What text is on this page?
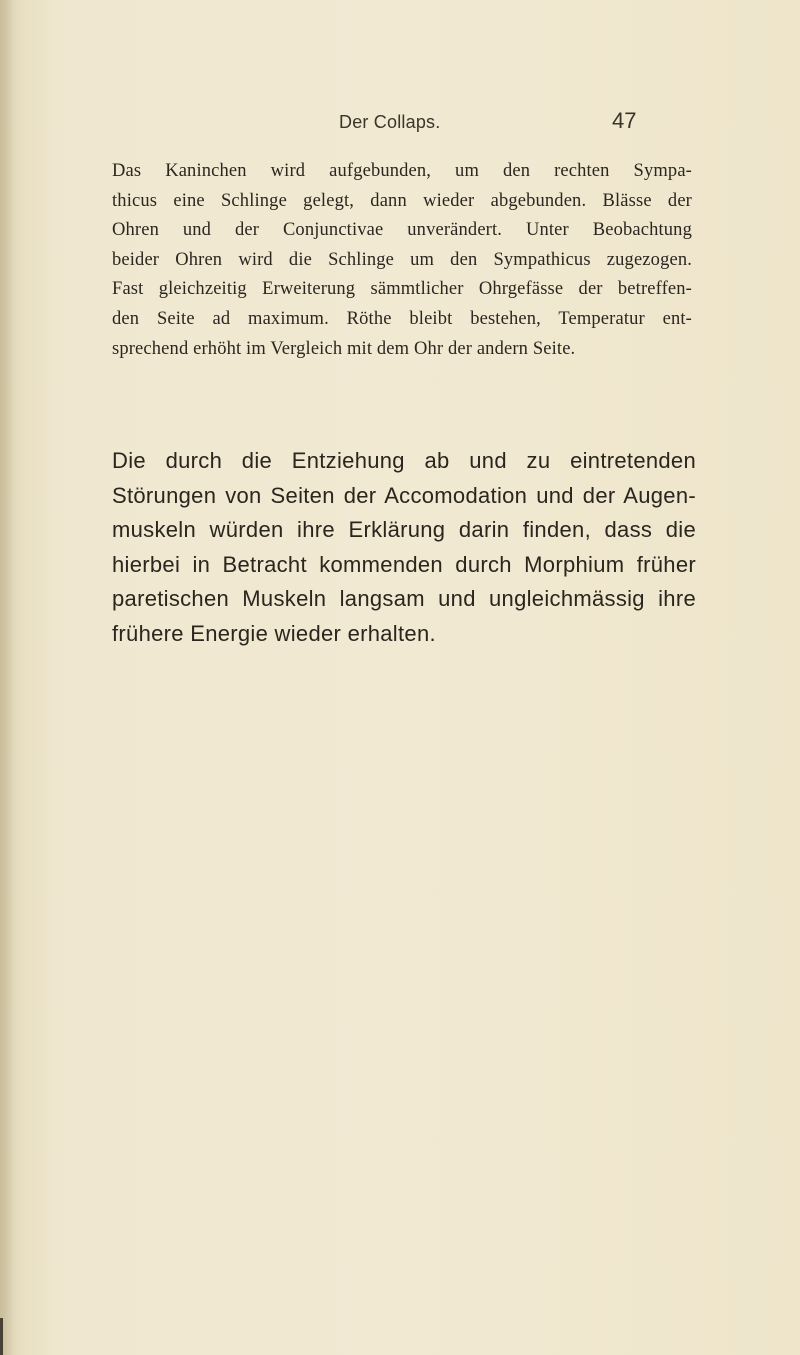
Der Collaps.	47

Das Kaninchen wird aufgebunden, um den rechten Sympa-
thicus eine Schlinge gelegt, dann wieder abgebunden. Blässe der
Ohren und der Conjunctivae unverändert. Unter Beobachtung
beider Ohren wird die Schlinge um den Sympathicus zugezogen.
Fast gleichzeitig Erweiterung sämmtlicher Ohrgefässe der betreffen-
den Seite ad maximum. Röthe bleibt bestehen, Temperatur ent-
sprechend erhöht im Vergleich mit dem Ohr der andern Seite.

Die durch die Entziehung ab und zu eintretenden
Störungen von Seiten der Accomodation und der Augen-
muskeln würden ihre Erklärung darin finden, dass die
hierbei in Betracht kommenden durch Morphium früher
paretischen Muskeln langsam und ungleichmässig ihre
frühere Energie wieder erhalten.
